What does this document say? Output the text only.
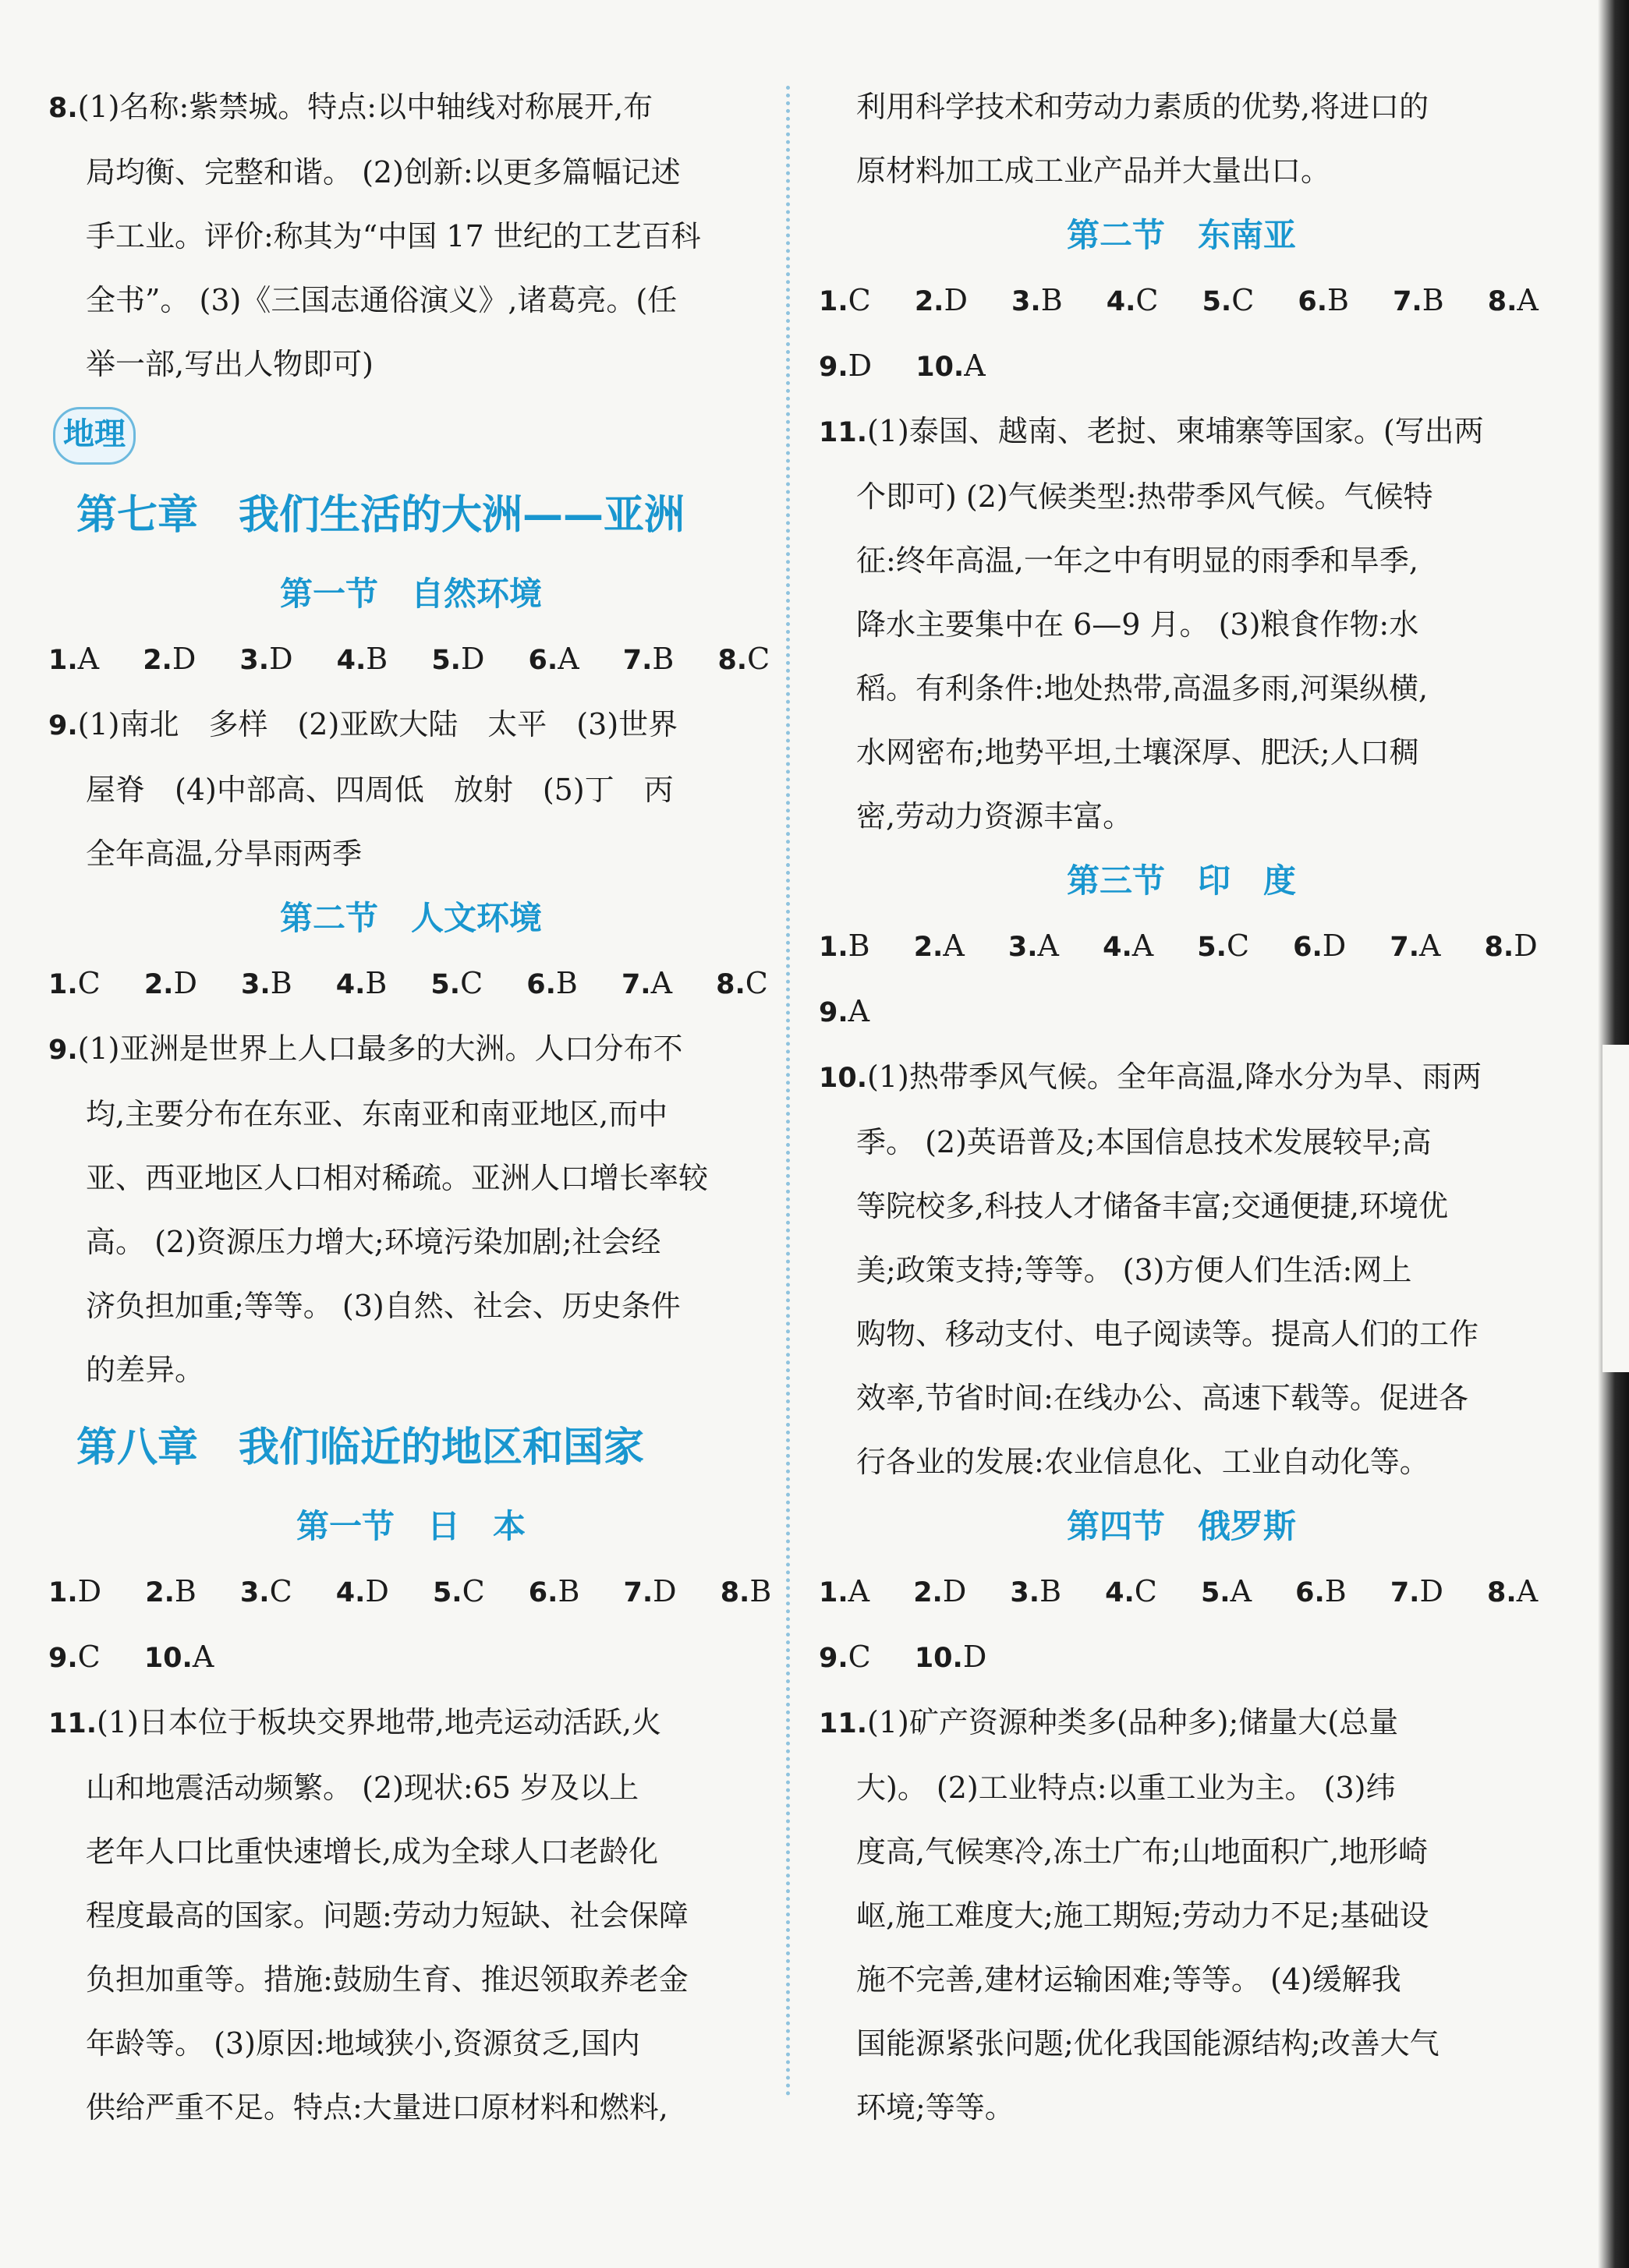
8.(1)名称:紫禁城。特点:以中轴线对称展开,布
局均衡、完整和谐。 (2)创新:以更多篇幅记述
手工业。评价:称其为“中国 17 世纪的工艺百科
全书”。 (3)《三国志通俗演义》,诸葛亮。(任
举一部,写出人物即可)
地理
第七章　我们生活的大洲——亚洲
第一节　自然环境
1.A 2.D 3.D 4.B 5.D 6.A 7.B 8.C
9.(1)南北　多样　(2)亚欧大陆　太平　(3)世界
屋脊　(4)中部高、四周低　放射　(5)丁　丙
全年高温,分旱雨两季
第二节　人文环境
1.C 2.D 3.B 4.B 5.C 6.B 7.A 8.C
9.(1)亚洲是世界上人口最多的大洲。人口分布不
均,主要分布在东亚、东南亚和南亚地区,而中
亚、西亚地区人口相对稀疏。亚洲人口增长率较
高。 (2)资源压力增大;环境污染加剧;社会经
济负担加重;等等。 (3)自然、社会、历史条件
的差异。
第八章　我们临近的地区和国家
第一节　日　本
1.D 2.B 3.C 4.D 5.C 6.B 7.D 8.B
9.C 10.A
11.(1)日本位于板块交界地带,地壳运动活跃,火
山和地震活动频繁。 (2)现状:65 岁及以上
老年人口比重快速增长,成为全球人口老龄化
程度最高的国家。问题:劳动力短缺、社会保障
负担加重等。措施:鼓励生育、推迟领取养老金
年龄等。 (3)原因:地域狭小,资源贫乏,国内
供给严重不足。特点:大量进口原材料和燃料,
利用科学技术和劳动力素质的优势,将进口的
原材料加工成工业产品并大量出口。
第二节　东南亚
1.C 2.D 3.B 4.C 5.C 6.B 7.B 8.A
9.D 10.A
11.(1)泰国、越南、老挝、柬埔寨等国家。(写出两
个即可) (2)气候类型:热带季风气候。气候特
征:终年高温,一年之中有明显的雨季和旱季,
降水主要集中在 6—9 月。 (3)粮食作物:水
稻。有利条件:地处热带,高温多雨,河渠纵横,
水网密布;地势平坦,土壤深厚、肥沃;人口稠
密,劳动力资源丰富。
第三节　印　度
1.B 2.A 3.A 4.A 5.C 6.D 7.A 8.D
9.A
10.(1)热带季风气候。全年高温,降水分为旱、雨两
季。 (2)英语普及;本国信息技术发展较早;高
等院校多,科技人才储备丰富;交通便捷,环境优
美;政策支持;等等。 (3)方便人们生活:网上
购物、移动支付、电子阅读等。提高人们的工作
效率,节省时间:在线办公、高速下载等。促进各
行各业的发展:农业信息化、工业自动化等。
第四节　俄罗斯
1.A 2.D 3.B 4.C 5.A 6.B 7.D 8.A
9.C 10.D
11.(1)矿产资源种类多(品种多);储量大(总量
大)。 (2)工业特点:以重工业为主。 (3)纬
度高,气候寒冷,冻土广布;山地面积广,地形崎
岖,施工难度大;施工期短;劳动力不足;基础设
施不完善,建材运输困难;等等。 (4)缓解我
国能源紧张问题;优化我国能源结构;改善大气
环境;等等。
